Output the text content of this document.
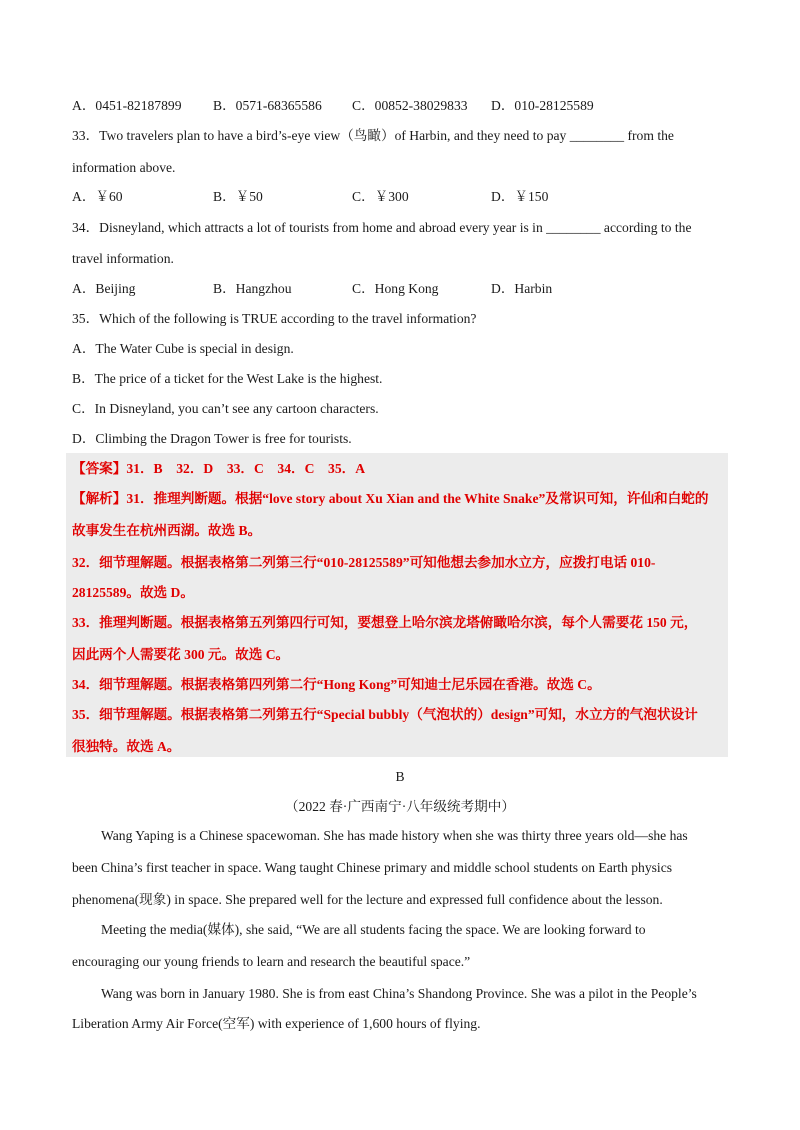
A．0451-82187899	B．0571-68365586	C．00852-38029833	D．010-28125589
33．Two travelers plan to have a bird’s-eye view（鸟瞰）of Harbin, and they need to pay ________ from the
information above.
A．￥60	B．￥50	C．￥300	D．￥150
34．Disneyland, which attracts a lot of tourists from home and abroad every year is in ________ according to the
travel information.
A．Beijing	B．Hangzhou	C．Hong Kong	D．Harbin
35．Which of the following is TRUE according to the travel information?
A．The Water Cube is special in design.
B．The price of a ticket for the West Lake is the highest.
C．In Disneyland, you can’t see any cartoon characters.
D．Climbing the Dragon Tower is free for tourists.
【答案】31．B　32．D　33．C　34．C　35．A
【解析】31．推理判断题。根据“love story about Xu Xian and the White Snake”及常识可知，许仙和白蛇的
故事发生在杭州西湖。故选 B。
32．细节理解题。根据表格第二列第三行“010-28125589”可知他想去参加水立方，应拨打电话 010-
28125589。故选 D。
33．推理判断题。根据表格第五列第四行可知，要想登上哈尔滨龙塔俯瞰哈尔滨，每个人需要花 150 元，
因此两个人需要花 300 元。故选 C。
34．细节理解题。根据表格第四列第二行“Hong Kong”可知迪士尼乐园在香港。故选 C。
35．细节理解题。根据表格第二列第五行“Special bubbly（气泡状的）design”可知，水立方的气泡状设计
很独特。故选 A。
B
（2022 春·广西南宁·八年级统考期中）
Wang Yaping is a Chinese spacewoman. She has made history when she was thirty three years old—she has
been China’s first teacher in space. Wang taught Chinese primary and middle school students on Earth physics
phenomena(现象) in space. She prepared well for the lecture and expressed full confidence about the lesson.
Meeting the media(媒体), she said, “We are all students facing the space. We are looking forward to
encouraging our young friends to learn and research the beautiful space.”
Wang was born in January 1980. She is from east China’s Shandong Province. She was a pilot in the People’s
Liberation Army Air Force(空军) with experience of 1,600 hours of flying.
